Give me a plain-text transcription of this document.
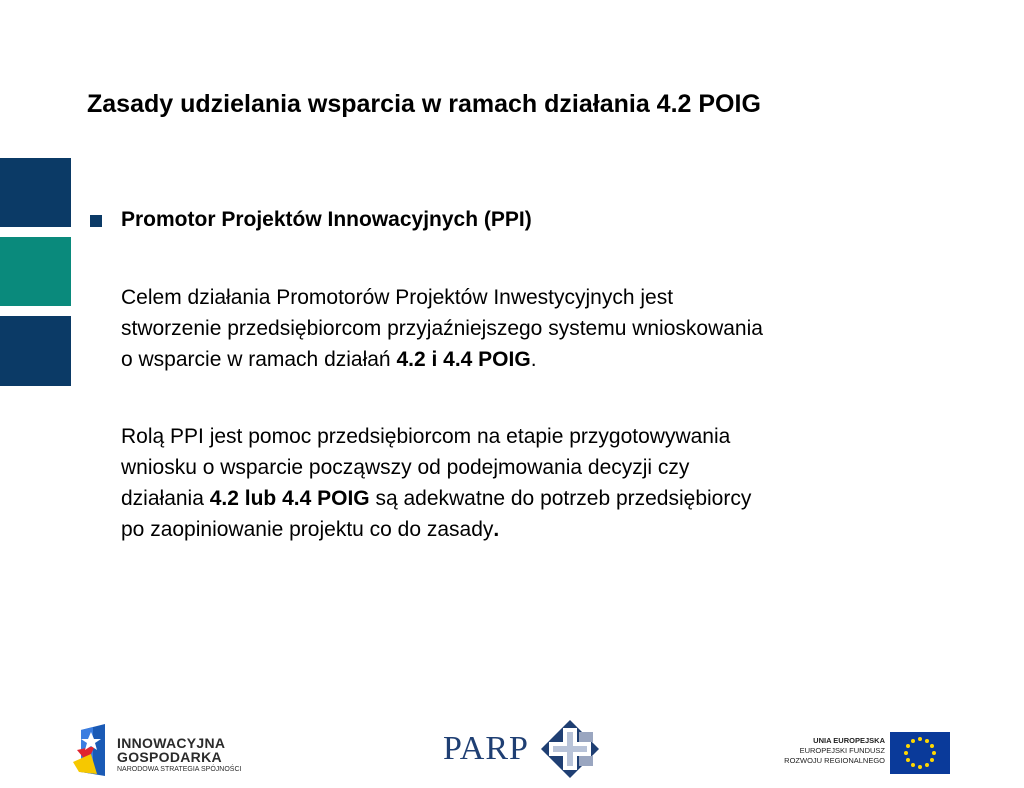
Zasady udzielania wsparcia w ramach działania 4.2 POIG
Promotor Projektów Innowacyjnych (PPI)
Celem działania Promotorów Projektów Inwestycyjnych jest
stworzenie przedsiębiorcom przyjaźniejszego systemu wnioskowania
o wsparcie w ramach działań 4.2 i 4.4 POIG.
Rolą PPI jest pomoc przedsiębiorcom na etapie przygotowywania
wniosku o wsparcie począwszy od podejmowania decyzji czy
działania 4.2 lub 4.4 POIG są adekwatne do potrzeb przedsiębiorcy
po zaopiniowanie projektu co do zasady.
INNOWACYJNA
GOSPODARKA
NARODOWA STRATEGIA SPÓJNOŚCI
PARP	UNIA EUROPEJSKA
EUROPEJSKI FUNDUSZ
ROZWOJU REGIONALNEGO
